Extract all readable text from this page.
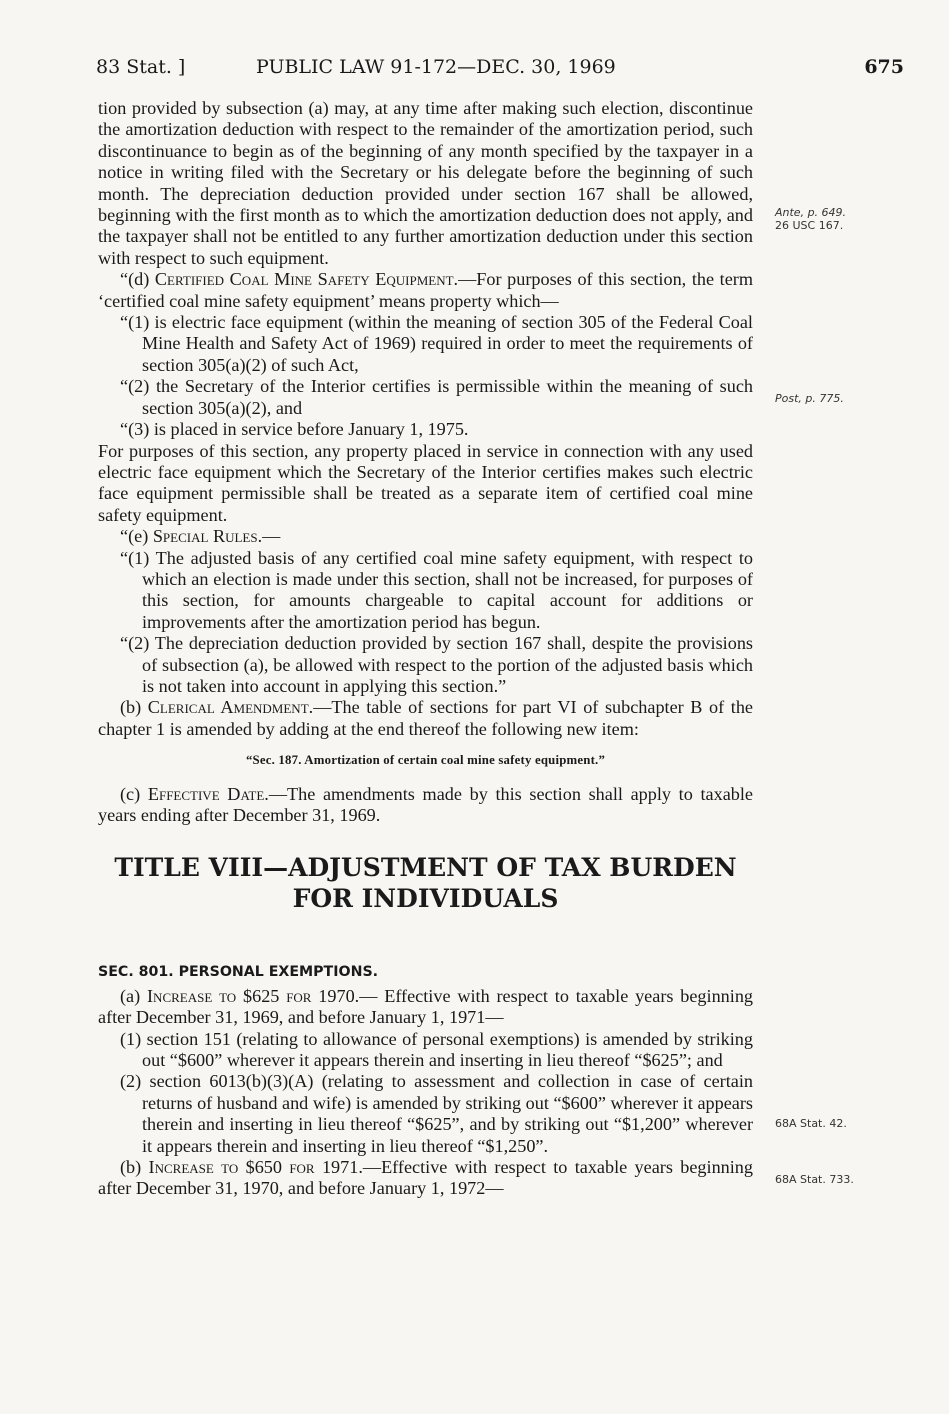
83 Stat. ]	PUBLIC LAW 91-172—DEC. 30, 1969	675

tion provided by subsection (a) may, at any time after making such election, discontinue the amortization deduction with respect to the remainder of the amortization period, such discontinuance to begin as of the beginning of any month specified by the taxpayer in a notice in writing filed with the Secretary or his delegate before the beginning of such month. The depreciation deduction provided under section 167 shall be allowed, beginning with the first month as to which the amortization deduction does not apply, and the taxpayer shall not be entitled to any further amortization deduction under this section with respect to such equipment.

“(d) Certified Coal Mine Safety Equipment.—For purposes of this section, the term ‘certified coal mine safety equipment’ means property which—

“(1) is electric face equipment (within the meaning of section 305 of the Federal Coal Mine Health and Safety Act of 1969) required in order to meet the requirements of section 305(a)(2) of such Act,

“(2) the Secretary of the Interior certifies is permissible within the meaning of such section 305(a)(2), and

“(3) is placed in service before January 1, 1975.

For purposes of this section, any property placed in service in connection with any used electric face equipment which the Secretary of the Interior certifies makes such electric face equipment permissible shall be treated as a separate item of certified coal mine safety equipment.

“(e) Special Rules.—

“(1) The adjusted basis of any certified coal mine safety equipment, with respect to which an election is made under this section, shall not be increased, for purposes of this section, for amounts chargeable to capital account for additions or improvements after the amortization period has begun.

“(2) The depreciation deduction provided by section 167 shall, despite the provisions of subsection (a), be allowed with respect to the portion of the adjusted basis which is not taken into account in applying this section.”

(b) Clerical Amendment.—The table of sections for part VI of subchapter B of the chapter 1 is amended by adding at the end thereof the following new item:

“Sec. 187. Amortization of certain coal mine safety equipment.”

(c) Effective Date.—The amendments made by this section shall apply to taxable years ending after December 31, 1969.

TITLE VIII—ADJUSTMENT OF TAX BURDEN
FOR INDIVIDUALS

SEC. 801. PERSONAL EXEMPTIONS.

(a) Increase to $625 for 1970.— Effective with respect to taxable years beginning after December 31, 1969, and before January 1, 1971—

(1) section 151 (relating to allowance of personal exemptions) is amended by striking out “$600” wherever it appears therein and inserting in lieu thereof “$625”; and

(2) section 6013(b)(3)(A) (relating to assessment and collection in case of certain returns of husband and wife) is amended by striking out “$600” wherever it appears therein and inserting in lieu thereof “$625”, and by striking out “$1,200” wherever it appears therein and inserting in lieu thereof “$1,250”.

(b) Increase to $650 for 1971.—Effective with respect to taxable years beginning after December 31, 1970, and before January 1, 1972—

Ante, p. 649.
26 USC 167.
Post, p. 775.
68A Stat. 42.
68A Stat. 733.
